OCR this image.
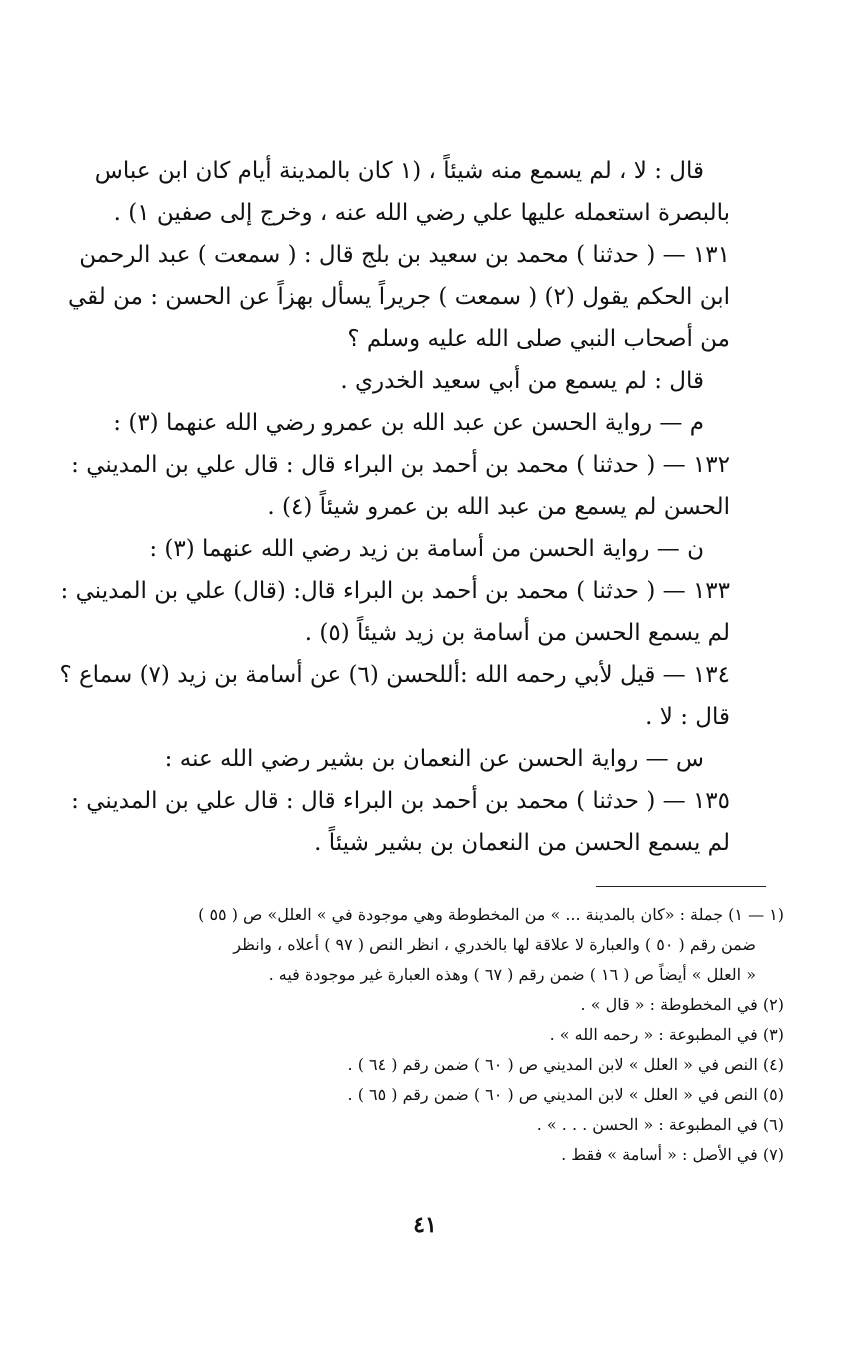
قال : لا ، لم يسمع منه شيئاً ، (١ كان بالمدينة أيام كان ابن عباس
بالبصرة استعمله عليها علي رضي الله عنه ، وخرج إلى صفين ١) .
١٣١ — ( حدثنا ) محمد بن سعيد بن بلج قال : ( سمعت ) عبد الرحمن
ابن الحكم يقول (٢) ( سمعت ) جريراً يسأل بهزاً عن الحسن : من لقي
من أصحاب النبي صلى الله عليه وسلم ؟
قال : لم يسمع من أبي سعيد الخدري .
م — رواية الحسن عن عبد الله بن عمرو رضي الله عنهما (٣) :
١٣٢ — ( حدثنا ) محمد بن أحمد بن البراء قال : قال علي بن المديني :
الحسن لم يسمع من عبد الله بن عمرو شيئاً (٤) .
ن — رواية الحسن من أسامة بن زيد رضي الله عنهما (٣) :
١٣٣ — ( حدثنا ) محمد بن أحمد بن البراء قال: (قال) علي بن المديني :
لم يسمع الحسن من أسامة بن زيد شيئاً (٥) .
١٣٤ — قيل لأبي رحمه الله :أللحسن (٦) عن أسامة بن زيد (٧) سماع ؟
قال : لا .
س — رواية الحسن عن النعمان بن بشير رضي الله عنه :
١٣٥ — ( حدثنا ) محمد بن أحمد بن البراء قال : قال علي بن المديني :
لم يسمع الحسن من النعمان بن بشير شيئاً .
(١ — ١) جملة : «كان بالمدينة ... » من المخطوطة وهي موجودة في » العلل» ص ( ٥٥ )
ضمن رقم ( ٥٠ ) والعبارة لا علاقة لها بالخدري ، انظر النص ( ٩٧ ) أعلاه ، وانظر
« العلل » أيضاً ص ( ١٦ ) ضمن رقم ( ٦٧ ) وهذه العبارة غير موجودة فيه .
(٢) في المخطوطة : « قال » .
(٣) في المطبوعة : « رحمه الله » .
(٤) النص في « العلل » لابن المديني ص ( ٦٠ ) ضمن رقم ( ٦٤ ) .
(٥) النص في « العلل » لابن المديني ص ( ٦٠ ) ضمن رقم ( ٦٥ ) .
(٦) في المطبوعة : « الحسن . . . » .
(٧) في الأصل : « أسامة » فقط .
٤١
